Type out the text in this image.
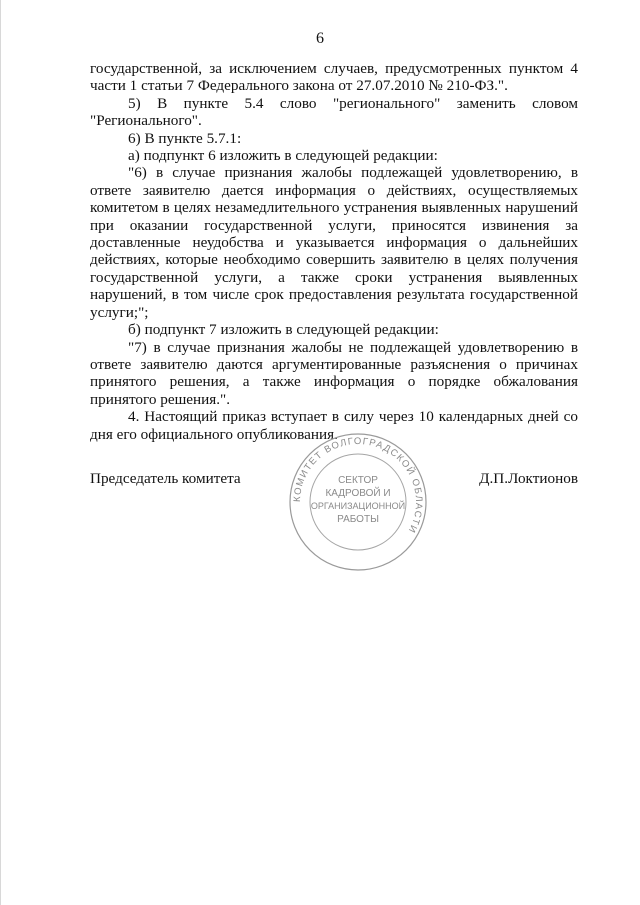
6

государственной, за исключением случаев, предусмотренных пунктом 4 части 1 статьи 7 Федерального закона от 27.07.2010 № 210-ФЗ.".

5) В пункте 5.4 слово "регионального" заменить словом "Регионального".

6) В пункте 5.7.1:

а) подпункт 6 изложить в следующей редакции:

"6) в случае признания жалобы подлежащей удовлетворению, в ответе заявителю дается информация о действиях, осуществляемых комитетом в целях незамедлительного устранения выявленных нарушений при оказании государственной услуги, приносятся извинения за доставленные неудобства и указывается информация о дальнейших действиях, которые необходимо совершить заявителю в целях получения государственной услуги, а также сроки устранения выявленных нарушений, в том числе срок предоставления результата государственной услуги;";

б) подпункт 7 изложить в следующей редакции:

"7) в случае признания жалобы не подлежащей удовлетворению в ответе заявителю даются аргументированные разъяснения о причинах принятого решения, а также информация о порядке обжалования принятого решения.".

4. Настоящий приказ вступает в силу через 10 календарных дней со дня его официального опубликования.

Председатель комитета	Д.П.Локтионов
КОМИТЕТ ВОЛГОГРАДСКОЙ ОБЛАСТИ
СЕКТОР
КАДРОВОЙ И
ОРГАНИЗАЦИОННОЙ
РАБОТЫ
